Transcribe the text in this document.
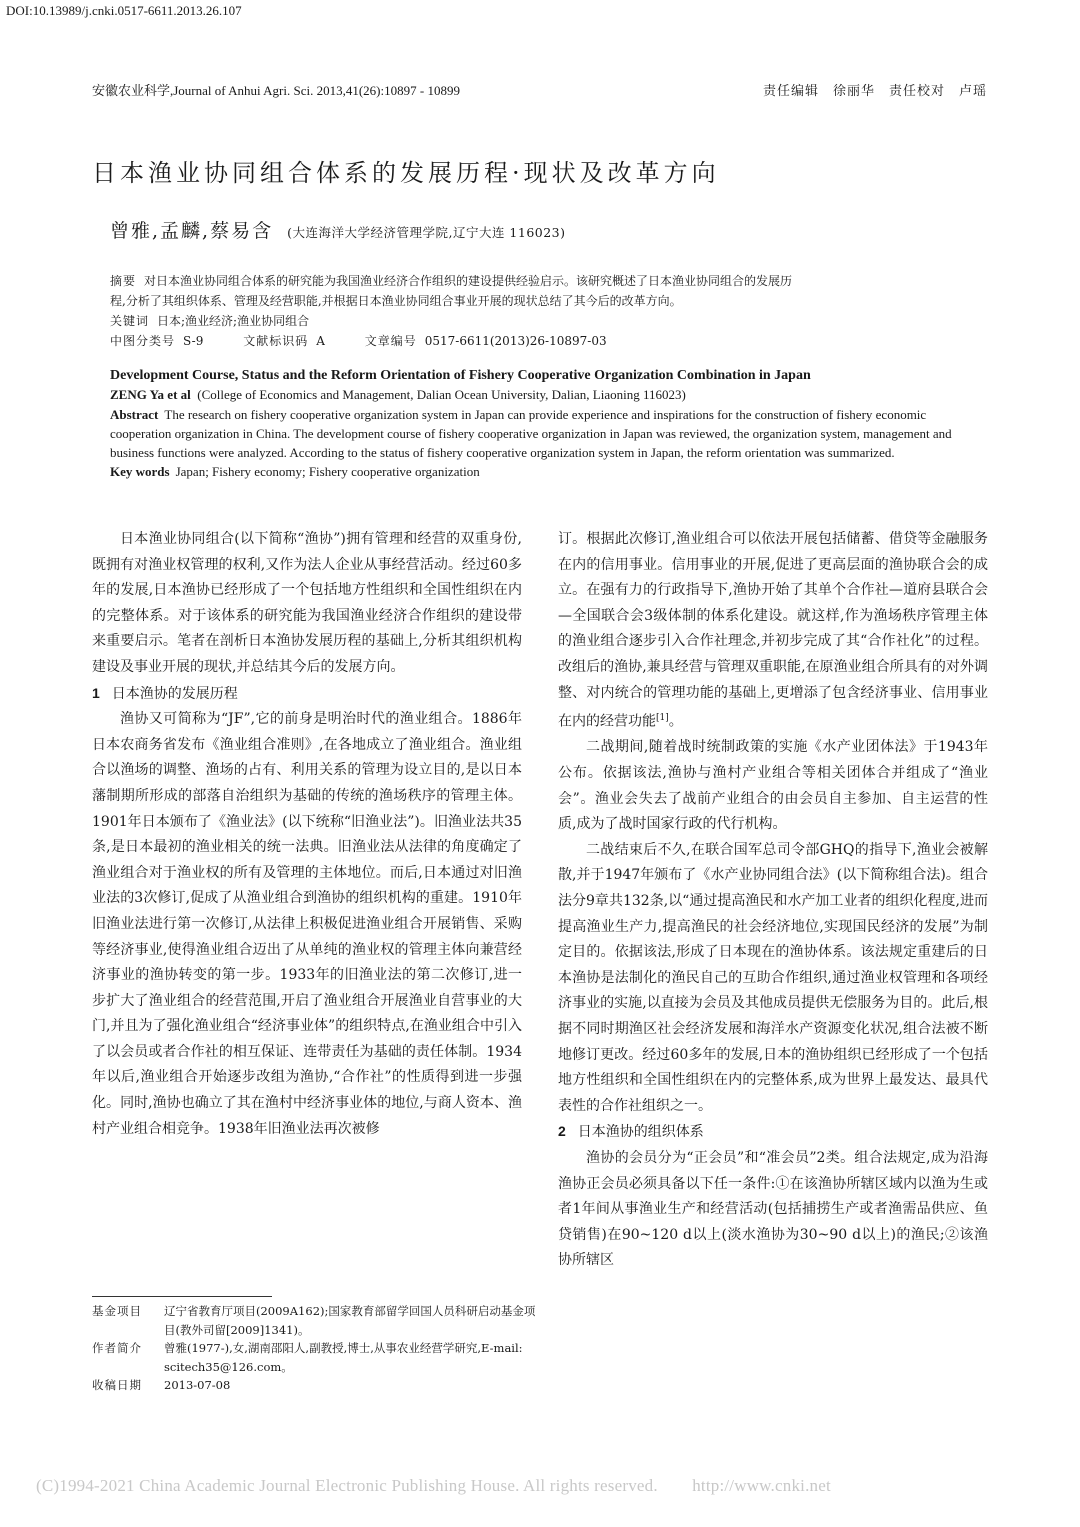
DOI:10.13989/j.cnki.0517-6611.2013.26.107
安徽农业科学,Journal of Anhui Agri. Sci. 2013,41(26):10897 - 10899	责任编辑　徐丽华　责任校对　卢瑶
日本渔业协同组合体系的发展历程·现状及改革方向
曾雅,孟麟,蔡易含 (大连海洋大学经济管理学院,辽宁大连 116023)
摘要 对日本渔业协同组合体系的研究能为我国渔业经济合作组织的建设提供经验启示。该研究概述了日本渔业协同组合的发展历
程,分析了其组织体系、管理及经营职能,并根据日本渔业协同组合事业开展的现状总结了其今后的改革方向。
关键词 日本;渔业经济;渔业协同组合
中图分类号 S-9	文献标识码 A	文章编号 0517-6611(2013)26-10897-03
Development Course, Status and the Reform Orientation of Fishery Cooperative Organization Combination in Japan
ZENG Ya et al (College of Economics and Management, Dalian Ocean University, Dalian, Liaoning 116023)
Abstract The research on fishery cooperative organization system in Japan can provide experience and inspirations for the construction of fishery economic cooperation organization in China. The development course of fishery cooperative organization in Japan was reviewed, the organization system, management and business functions were analyzed. According to the status of fishery cooperative organization system in Japan, the reform orientation was summarized.
Key words Japan; Fishery economy; Fishery cooperative organization

日本渔业协同组合(以下简称“渔协”)拥有管理和经营的双重身份,既拥有对渔业权管理的权利,又作为法人企业从事经营活动。经过60多年的发展,日本渔协已经形成了一个包括地方性组织和全国性组织在内的完整体系。对于该体系的研究能为我国渔业经济合作组织的建设带来重要启示。笔者在剖析日本渔协发展历程的基础上,分析其组织机构建设及事业开展的现状,并总结其今后的发展方向。

1 日本渔协的发展历程

渔协又可简称为“JF”,它的前身是明治时代的渔业组合。1886年日本农商务省发布《渔业组合准则》,在各地成立了渔业组合。渔业组合以渔场的调整、渔场的占有、利用关系的管理为设立目的,是以日本藩制期所形成的部落自治组织为基础的传统的渔场秩序的管理主体。1901年日本颁布了《渔业法》(以下统称“旧渔业法”)。旧渔业法共35条,是日本最初的渔业相关的统一法典。旧渔业法从法律的角度确定了渔业组合对于渔业权的所有及管理的主体地位。而后,日本通过对旧渔业法的3次修订,促成了从渔业组合到渔协的组织机构的重建。1910年旧渔业法进行第一次修订,从法律上积极促进渔业组合开展销售、采购等经济事业,使得渔业组合迈出了从单纯的渔业权的管理主体向兼营经济事业的渔协转变的第一步。1933年的旧渔业法的第二次修订,进一步扩大了渔业组合的经营范围,开启了渔业组合开展渔业自营事业的大门,并且为了强化渔业组合“经济事业体”的组织特点,在渔业组合中引入了以会员或者合作社的相互保证、连带责任为基础的责任体制。1934年以后,渔业组合开始逐步改组为渔协,“合作社”的性质得到进一步强化。同时,渔协也确立了其在渔村中经济事业体的地位,与商人资本、渔村产业组合相竞争。1938年旧渔业法再次被修

订。根据此次修订,渔业组合可以依法开展包括储蓄、借贷等金融服务在内的信用事业。信用事业的开展,促进了更高层面的渔协联合会的成立。在强有力的行政指导下,渔协开始了其单个合作社—道府县联合会—全国联合会3级体制的体系化建设。就这样,作为渔场秩序管理主体的渔业组合逐步引入合作社理念,并初步完成了其“合作社化”的过程。改组后的渔协,兼具经营与管理双重职能,在原渔业组合所具有的对外调整、对内统合的管理功能的基础上,更增添了包含经济事业、信用事业在内的经营功能[1]。

二战期间,随着战时统制政策的实施《水产业团体法》于1943年公布。依据该法,渔协与渔村产业组合等相关团体合并组成了“渔业会”。渔业会失去了战前产业组合的由会员自主参加、自主运营的性质,成为了战时国家行政的代行机构。

二战结束后不久,在联合国军总司令部GHQ的指导下,渔业会被解散,并于1947年颁布了《水产业协同组合法》(以下简称组合法)。组合法分9章共132条,以“通过提高渔民和水产加工业者的组织化程度,进而提高渔业生产力,提高渔民的社会经济地位,实现国民经济的发展”为制定目的。依据该法,形成了日本现在的渔协体系。该法规定重建后的日本渔协是法制化的渔民自己的互助合作组织,通过渔业权管理和各项经济事业的实施,以直接为会员及其他成员提供无偿服务为目的。此后,根据不同时期渔区社会经济发展和海洋水产资源变化状况,组合法被不断地修订更改。经过60多年的发展,日本的渔协组织已经形成了一个包括地方性组织和全国性组织在内的完整体系,成为世界上最发达、最具代表性的合作社组织之一。

2 日本渔协的组织体系

渔协的会员分为“正会员”和“准会员”2类。组合法规定,成为沿海渔协正会员必须具备以下任一条件:①在该渔协所辖区域内以渔为生或者1年间从事渔业生产和经营活动(包括捕捞生产或者渔需品供应、鱼贷销售)在90~120 d以上(淡水渔协为30~90 d以上)的渔民;②该渔协所辖区

基金项目	辽宁省教育厅项目(2009A162);国家教育部留学回国人员科研启动基金项目(教外司留[2009]1341)。
作者简介	曾雅(1977-),女,湖南邵阳人,副教授,博士,从事农业经营学研究,E-mail: scitech35@126.com。
收稿日期	2013-07-08
(C)1994-2021 China Academic Journal Electronic Publishing House. All rights reserved.　　http://www.cnki.net
